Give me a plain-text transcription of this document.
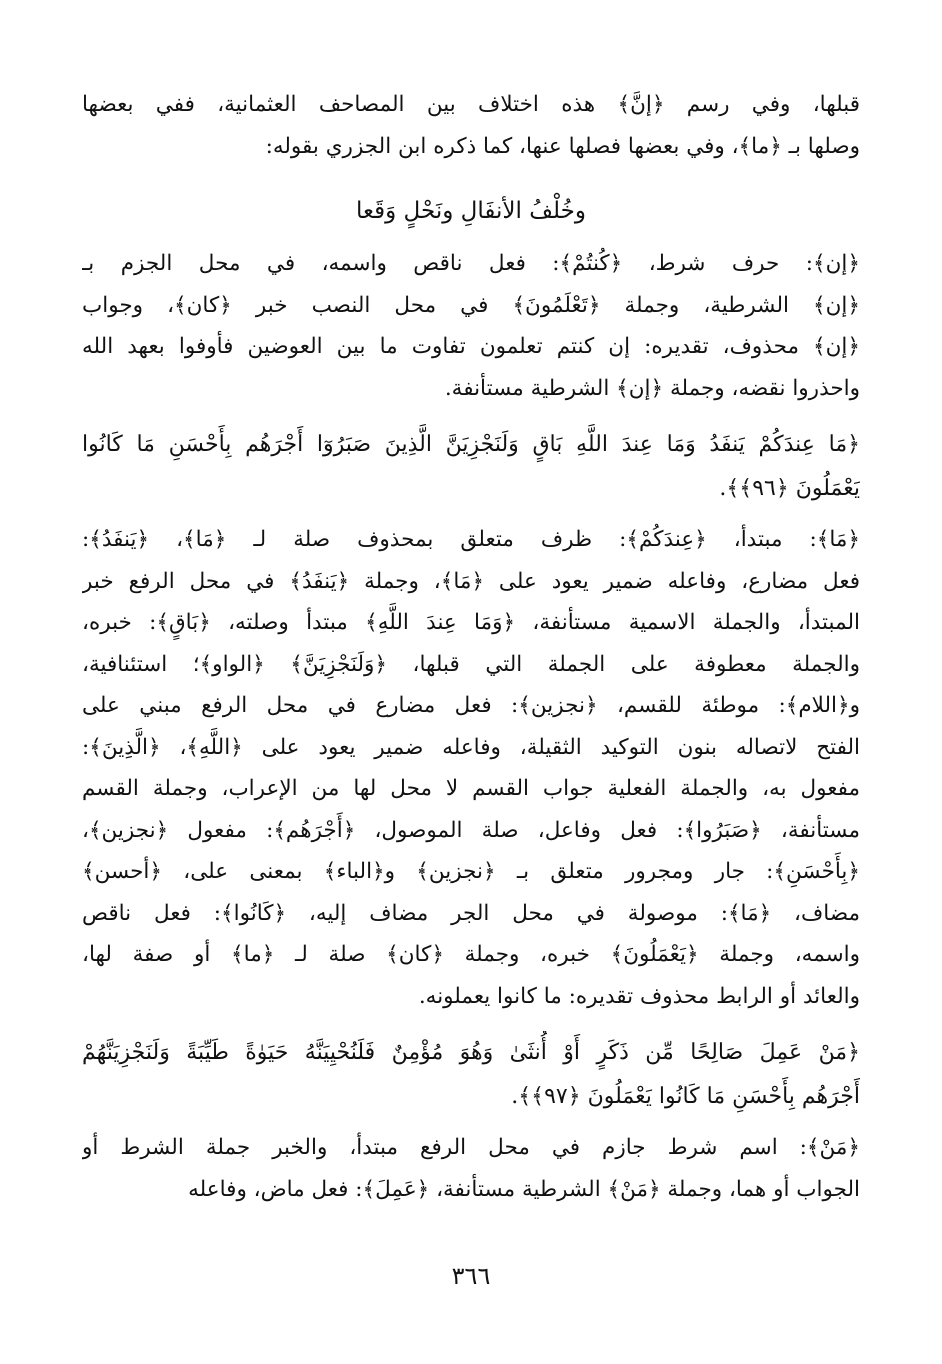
قبلها، وفي رسم ﴿إنَّ﴾ هذه اختلاف بين المصاحف العثمانية، ففي بعضها
وصلها بـ ﴿ما﴾، وفي بعضها فصلها عنها، كما ذكره ابن الجزري بقوله:
وخُلْفُ الأنفَالِ ونَحْلٍ وَقَعا
﴿إن﴾: حرف شرط، ﴿كُنتُمْ﴾: فعل ناقص واسمه، في محل الجزم بـ
﴿إن﴾ الشرطية، وجملة ﴿تَعْلَمُونَ﴾ في محل النصب خبر ﴿كان﴾، وجواب
﴿إن﴾ محذوف، تقديره: إن كنتم تعلمون تفاوت ما بين العوضين فأوفوا بعهد الله
واحذروا نقضه، وجملة ﴿إن﴾ الشرطية مستأنفة.
﴿مَا عِندَكُمْ يَنفَدُ وَمَا عِندَ اللَّهِ بَاقٍ وَلَنَجْزِيَنَّ الَّذِينَ صَبَرُوٓا أَجْرَهُم بِأَحْسَنِ مَا كَانُوا
يَعْمَلُونَ ﴿٩٦﴾﴾.
﴿مَا﴾: مبتدأ، ﴿عِندَكُمْ﴾: ظرف متعلق بمحذوف صلة لـ ﴿مَا﴾، ﴿يَنفَدُ﴾:
فعل مضارع، وفاعله ضمير يعود على ﴿مَا﴾، وجملة ﴿يَنفَدُ﴾ في محل الرفع خبر
المبتدأ، والجملة الاسمية مستأنفة، ﴿وَمَا عِندَ اللَّهِ﴾ مبتدأ وصلته، ﴿بَاقٍ﴾: خبره،
والجملة معطوفة على الجملة التي قبلها، ﴿وَلَنَجْزِيَنَّ﴾ ﴿الواو﴾؛ استئنافية،
و﴿اللام﴾: موطئة للقسم، ﴿نجزين﴾: فعل مضارع في محل الرفع مبني على
الفتح لاتصاله بنون التوكيد الثقيلة، وفاعله ضمير يعود على ﴿اللَّهِ﴾، ﴿الَّذِينَ﴾:
مفعول به، والجملة الفعلية جواب القسم لا محل لها من الإعراب، وجملة القسم
مستأنفة، ﴿صَبَرُوا﴾: فعل وفاعل، صلة الموصول، ﴿أَجْرَهُم﴾: مفعول ﴿نجزين﴾،
﴿بِأَحْسَنِ﴾: جار ومجرور متعلق بـ ﴿نجزين﴾ و﴿الباء﴾ بمعنى على، ﴿أحسن﴾
مضاف، ﴿مَا﴾: موصولة في محل الجر مضاف إليه، ﴿كَانُوا﴾: فعل ناقص
واسمه، وجملة ﴿يَعْمَلُونَ﴾ خبره، وجملة ﴿كان﴾ صلة لـ ﴿ما﴾ أو صفة لها،
والعائد أو الرابط محذوف تقديره: ما كانوا يعملونه.
﴿مَنْ عَمِلَ صَالِحًا مِّن ذَكَرٍ أَوْ أُنثَىٰ وَهُوَ مُؤْمِنٌ فَلَنُحْيِيَنَّهُ حَيَوٰةً طَيِّبَةً وَلَنَجْزِيَنَّهُمْ
أَجْرَهُم بِأَحْسَنِ مَا كَانُوا يَعْمَلُونَ ﴿٩٧﴾﴾.
﴿مَنْ﴾: اسم شرط جازم في محل الرفع مبتدأ، والخبر جملة الشرط أو
الجواب أو هما، وجملة ﴿مَنْ﴾ الشرطية مستأنفة، ﴿عَمِلَ﴾: فعل ماض، وفاعله
٣٦٦
